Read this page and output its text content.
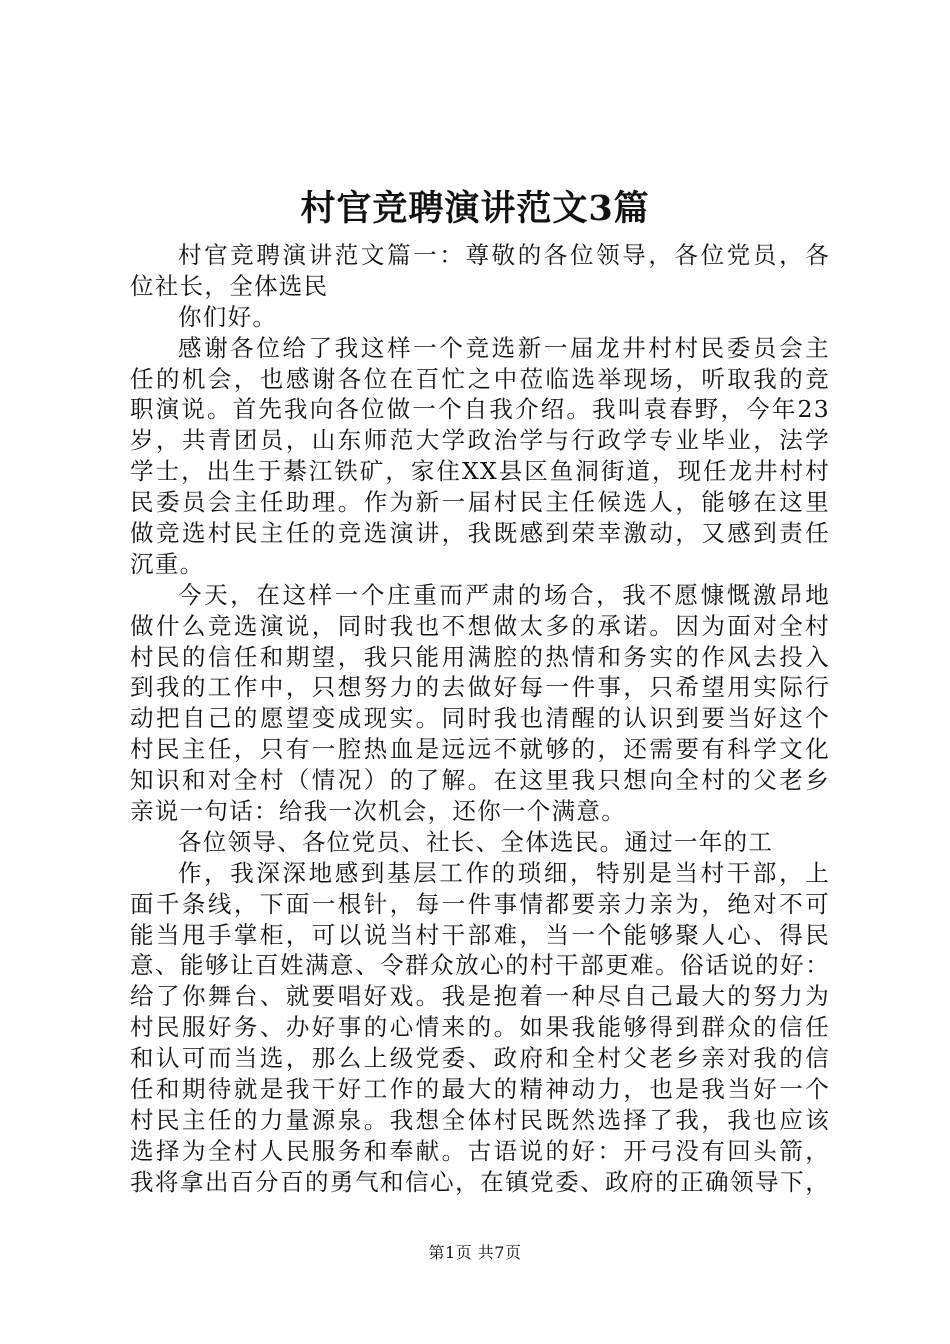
村官竞聘演讲范文3篇
村官竞聘演讲范文篇一：尊敬的各位领导，各位党员，各
位社长，全体选民
你们好。
感谢各位给了我这样一个竞选新一届龙井村村民委员会主
任的机会，也感谢各位在百忙之中莅临选举现场，听取我的竞
职演说。首先我向各位做一个自我介绍。我叫袁春野，今年23
岁，共青团员，山东师范大学政治学与行政学专业毕业，法学
学士，出生于綦江铁矿，家住XX县区鱼洞街道，现任龙井村村
民委员会主任助理。作为新一届村民主任候选人，能够在这里
做竞选村民主任的竞选演讲，我既感到荣幸激动，又感到责任
沉重。
今天，在这样一个庄重而严肃的场合，我不愿慷慨激昂地
做什么竞选演说，同时我也不想做太多的承诺。因为面对全村
村民的信任和期望，我只能用满腔的热情和务实的作风去投入
到我的工作中，只想努力的去做好每一件事，只希望用实际行
动把自己的愿望变成现实。同时我也清醒的认识到要当好这个
村民主任，只有一腔热血是远远不就够的，还需要有科学文化
知识和对全村（情况）的了解。在这里我只想向全村的父老乡
亲说一句话：给我一次机会，还你一个满意。
各位领导、各位党员、社长、全体选民。通过一年的工
作，我深深地感到基层工作的琐细，特别是当村干部，上
面千条线，下面一根针，每一件事情都要亲力亲为，绝对不可
能当甩手掌柜，可以说当村干部难，当一个能够聚人心、得民
意、能够让百姓满意、令群众放心的村干部更难。俗话说的好：
给了你舞台、就要唱好戏。我是抱着一种尽自己最大的努力为
村民服好务、办好事的心情来的。如果我能够得到群众的信任
和认可而当选，那么上级党委、政府和全村父老乡亲对我的信
任和期待就是我干好工作的最大的精神动力，也是我当好一个
村民主任的力量源泉。我想全体村民既然选择了我，我也应该
选择为全村人民服务和奉献。古语说的好：开弓没有回头箭，
我将拿出百分百的勇气和信心，在镇党委、政府的正确领导下，
第1页 共7页
